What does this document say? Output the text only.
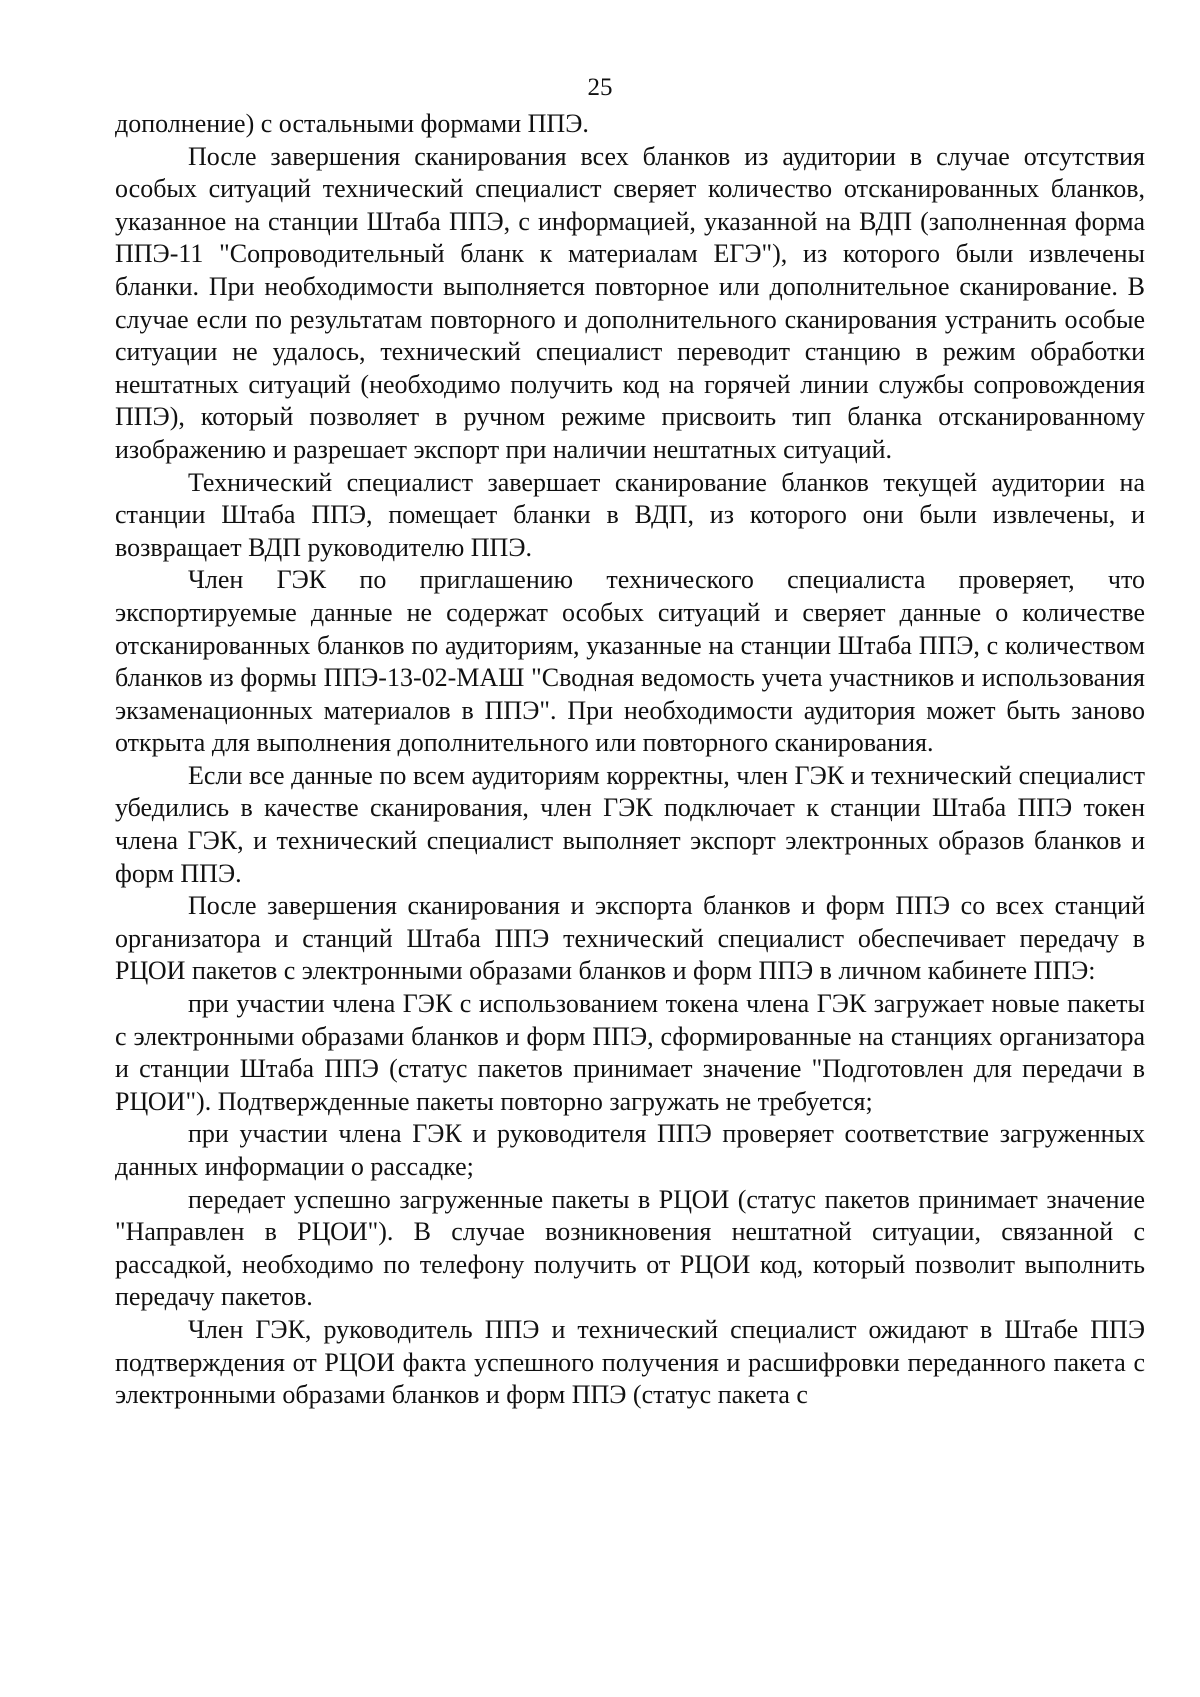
25

дополнение) с остальными формами ППЭ.

После завершения сканирования всех бланков из аудитории в случае отсутствия особых ситуаций технический специалист сверяет количество отсканированных бланков, указанное на станции Штаба ППЭ, с информацией, указанной на ВДП (заполненная форма ППЭ-11 "Сопроводительный бланк к материалам ЕГЭ"), из которого были извлечены бланки. При необходимости выполняется повторное или дополнительное сканирование. В случае если по результатам повторного и дополнительного сканирования устранить особые ситуации не удалось, технический специалист переводит станцию в режим обработки нештатных ситуаций (необходимо получить код на горячей линии службы сопровождения ППЭ), который позволяет в ручном режиме присвоить тип бланка отсканированному изображению и разрешает экспорт при наличии нештатных ситуаций.

Технический специалист завершает сканирование бланков текущей аудитории на станции Штаба ППЭ, помещает бланки в ВДП, из которого они были извлечены, и возвращает ВДП руководителю ППЭ.

Член ГЭК по приглашению технического специалиста проверяет, что экспортируемые данные не содержат особых ситуаций и сверяет данные о количестве отсканированных бланков по аудиториям, указанные на станции Штаба ППЭ, с количеством бланков из формы ППЭ-13-02-МАШ "Сводная ведомость учета участников и использования экзаменационных материалов в ППЭ". При необходимости аудитория может быть заново открыта для выполнения дополнительного или повторного сканирования.

Если все данные по всем аудиториям корректны, член ГЭК и технический специалист убедились в качестве сканирования, член ГЭК подключает к станции Штаба ППЭ токен члена ГЭК, и технический специалист выполняет экспорт электронных образов бланков и форм ППЭ.

После завершения сканирования и экспорта бланков и форм ППЭ со всех станций организатора и станций Штаба ППЭ технический специалист обеспечивает передачу в РЦОИ пакетов с электронными образами бланков и форм ППЭ в личном кабинете ППЭ:

при участии члена ГЭК с использованием токена члена ГЭК загружает новые пакеты с электронными образами бланков и форм ППЭ, сформированные на станциях организатора и станции Штаба ППЭ (статус пакетов принимает значение "Подготовлен для передачи в РЦОИ"). Подтвержденные пакеты повторно загружать не требуется;

при участии члена ГЭК и руководителя ППЭ проверяет соответствие загруженных данных информации о рассадке;

передает успешно загруженные пакеты в РЦОИ (статус пакетов принимает значение "Направлен в РЦОИ"). В случае возникновения нештатной ситуации, связанной с рассадкой, необходимо по телефону получить от РЦОИ код, который позволит выполнить передачу пакетов.

Член ГЭК, руководитель ППЭ и технический специалист ожидают в Штабе ППЭ подтверждения от РЦОИ факта успешного получения и расшифровки переданного пакета с электронными образами бланков и форм ППЭ (статус пакета с
